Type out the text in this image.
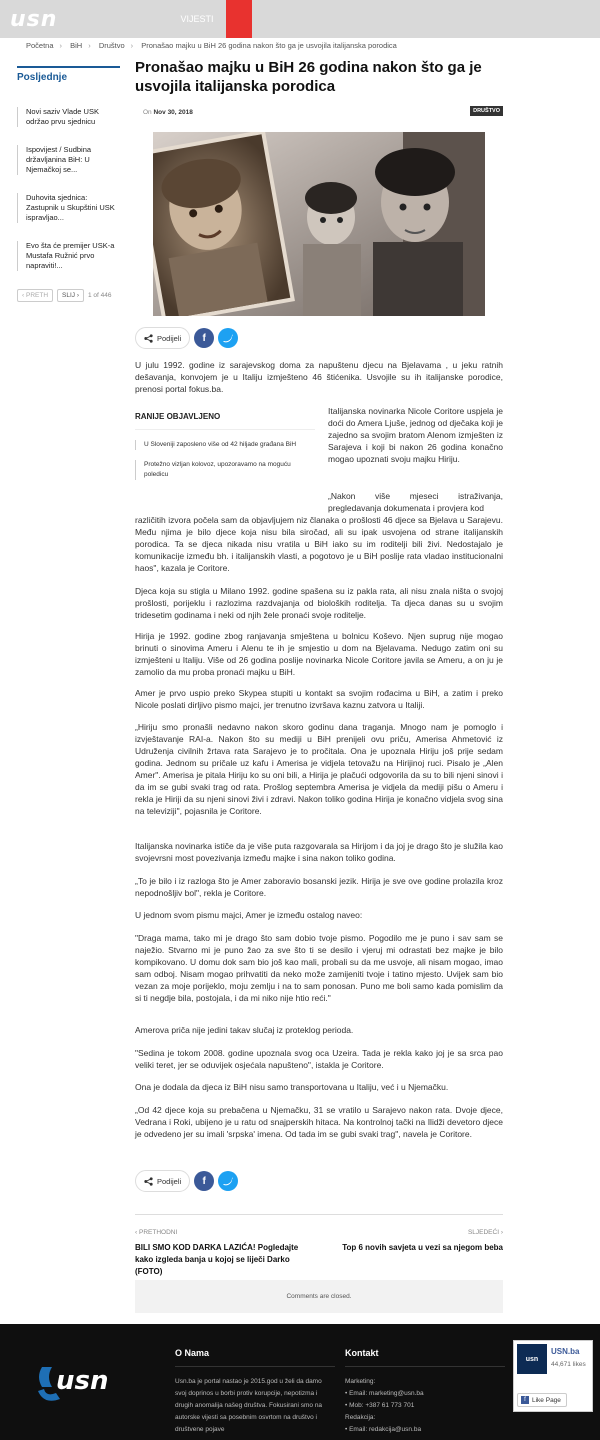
usn	VIJESTI
Početna › BiH › Društvo › Pronašao majku u BiH 26 godina nakon što ga je usvojila italijanska porodica
Posljednje
Novi saziv Vlade USK održao prvu sjednicu
Ispovijest / Sudbina državljanina BiH: U Njemačkoj se...
Duhovita sjednica: Zastupnik u Skupštini USK ispravljao...
Evo šta će premijer USK-a Mustafa Ružnić prvo napraviti!...
‹ PRETH	SLIJ ›	1 of 446
Pronašao majku u BiH 26 godina nakon što ga je usvojila italijanska porodica
On Nov 30, 2018	DRUŠTVO
Podijeli	f

U julu 1992. godine iz sarajevskog doma za napuštenu djecu na Bjelavama , u jeku ratnih dešavanja, konvojem je u Italiju izmješteno 46 štićenika. Usvojile su ih italijanske porodice, prenosi portal fokus.ba.

RANIJE OBJAVLJENO
U Sloveniji zaposleno više od 42 hiljade građana BiH
Protežno vizljan kolovoz, upozoravamo na moguću poledicu

Italijanska novinarka Nicole Coritore uspjela je doći do Amera Ljuše, jednog od dječaka koji je zajedno sa svojim bratom Alenom izmješten iz Sarajeva i koji bi nakon 26 godina konačno mogao upoznati svoju majku Hiriju.

„Nakon više mjeseci istraživanja, pregledavanja dokumenata i provjera kod

različitih izvora počela sam da objavljujem niz članaka o prošlosti 46 djece sa Bjelava u Sarajevu. Među njima je bilo djece koja nisu bila siročad, ali su ipak usvojena od strane italijanskih porodica. Ta se djeca nikada nisu vratila u BiH iako su im roditelji bili živi. Nedostajalo je komunikacije između bh. i italijanskih vlasti, a pogotovo je u BiH poslije rata vladao institucionalni haos", kazala je Coritore.

Djeca koja su stigla u Milano 1992. godine spašena su iz pakla rata, ali nisu znala ništa o svojoj prošlosti, porijeklu i razlozima razdvajanja od bioloških roditelja. Ta djeca danas su u svojim tridesetim godinama i neki od njih žele pronaći svoje roditelje.

Hirija je 1992. godine zbog ranjavanja smještena u bolnicu Koševo. Njen suprug nije mogao brinuti o sinovima Ameru i Alenu te ih je smjestio u dom na Bjelavama. Nedugo zatim oni su izmješteni u Italiju. Više od 26 godina poslije novinarka Nicole Coritore javila se Ameru, a on ju je zamolio da mu proba pronaći majku u BiH.

Amer je prvo uspio preko Skypea stupiti u kontakt sa svojim rođacima u BiH, a zatim i preko Nicole poslati dirljivo pismo majci, jer trenutno izvršava kaznu zatvora u Italiji.

„Hiriju smo pronašli nedavno nakon skoro godinu dana traganja. Mnogo nam je pomoglo i izvještavanje RAI-a. Nakon što su mediji u BiH prenijeli ovu priču, Amerisa Ahmetović iz Udruženja civilnih žrtava rata Sarajevo je to pročitala. Ona je upoznala Hiriju još prije sedam godina. Jednom su pričale uz kafu i Amerisa je vidjela tetovažu na Hirijinoj ruci. Pisalo je „Alen Amer". Amerisa je pitala Hiriju ko su oni bili, a Hirija je plačući odgovorila da su to bili njeni sinovi i da im se gubi svaki trag od rata. Prošlog septembra Amerisa je vidjela da mediji pišu o Ameru i rekla je Hiriji da su njeni sinovi živi i zdravi. Nakon toliko godina Hirija je konačno vidjela svog sina na televiziji", pojasnila je Coritore.

Italijanska novinarka ističe da je više puta razgovarala sa Hirijom i da joj je drago što je služila kao svojevrsni most povezivanja između majke i sina nakon toliko godina.

„To je bilo i iz razloga što je Amer zaboravio bosanski jezik. Hirija je sve ove godine prolazila kroz nepodnošljiv bol", rekla je Coritore.

U jednom svom pismu majci, Amer je između ostalog naveo:

"Draga mama, tako mi je drago što sam dobio tvoje pismo. Pogodilo me je puno i sav sam se naježio. Stvarno mi je puno žao za sve što ti se desilo i vjeruj mi odrastati bez majke je bilo kompikovano. U domu dok sam bio još kao mali, probali su da me usvoje, ali nisam mogao, imao sam odboj. Nisam mogao prihvatiti da neko može zamijeniti tvoje i tatino mjesto. Uvijek sam bio vezan za moje porijeklo, moju zemlju i na to sam ponosan. Puno me boli samo kada pomislim da si ti negdje bila, postojala, i da mi niko nije htio reći."

Amerova priča nije jedini takav slučaj iz proteklog perioda.

"Sedina je tokom 2008. godine upoznala svog oca Uzeira. Tada je rekla kako joj je sa srca pao veliki teret, jer se oduvijek osjećala napušteno", istakla je Coritore.

Ona je dodala da djeca iz BiH nisu samo transportovana u Italiju, već i u Njemačku.

„Od 42 djece koja su prebačena u Njemačku, 31 se vratilo u Sarajevo nakon rata. Dvoje djece, Vedrana i Roki, ubijeno je u ratu od snajperskih hitaca. Na kontrolnoj tački na Ilidži devetoro djece je odvedeno jer su imali 'srpska' imena. Od tada im se gubi svaki trag", navela je Coritore.

Podijeli	f
‹ PRETHODNI
BILI SMO KOD DARKA LAZIĆA! Pogledajte kako izgleda banja u kojoj se liječi Darko (FOTO)
SLJEDEĆI ›
Top 6 novih savjeta u vezi sa njegom beba
Comments are closed.
usn
O Nama
Usn.ba je portal nastao je 2015.god u želi da damo svoj doprinos u borbi protiv korupcije, nepotizma i drugih anomalija našeg društva. Fokusirani smo na autorske vijesti sa posebnim osvrtom na društvo i društvene pojave
Kontakt
Marketing:
• Email: marketing@usn.ba
• Mob: +387 61 773 701
Redakcija:
• Email: redakcija@usn.ba
usn
USN.ba
44,671 likes
f Like Page
